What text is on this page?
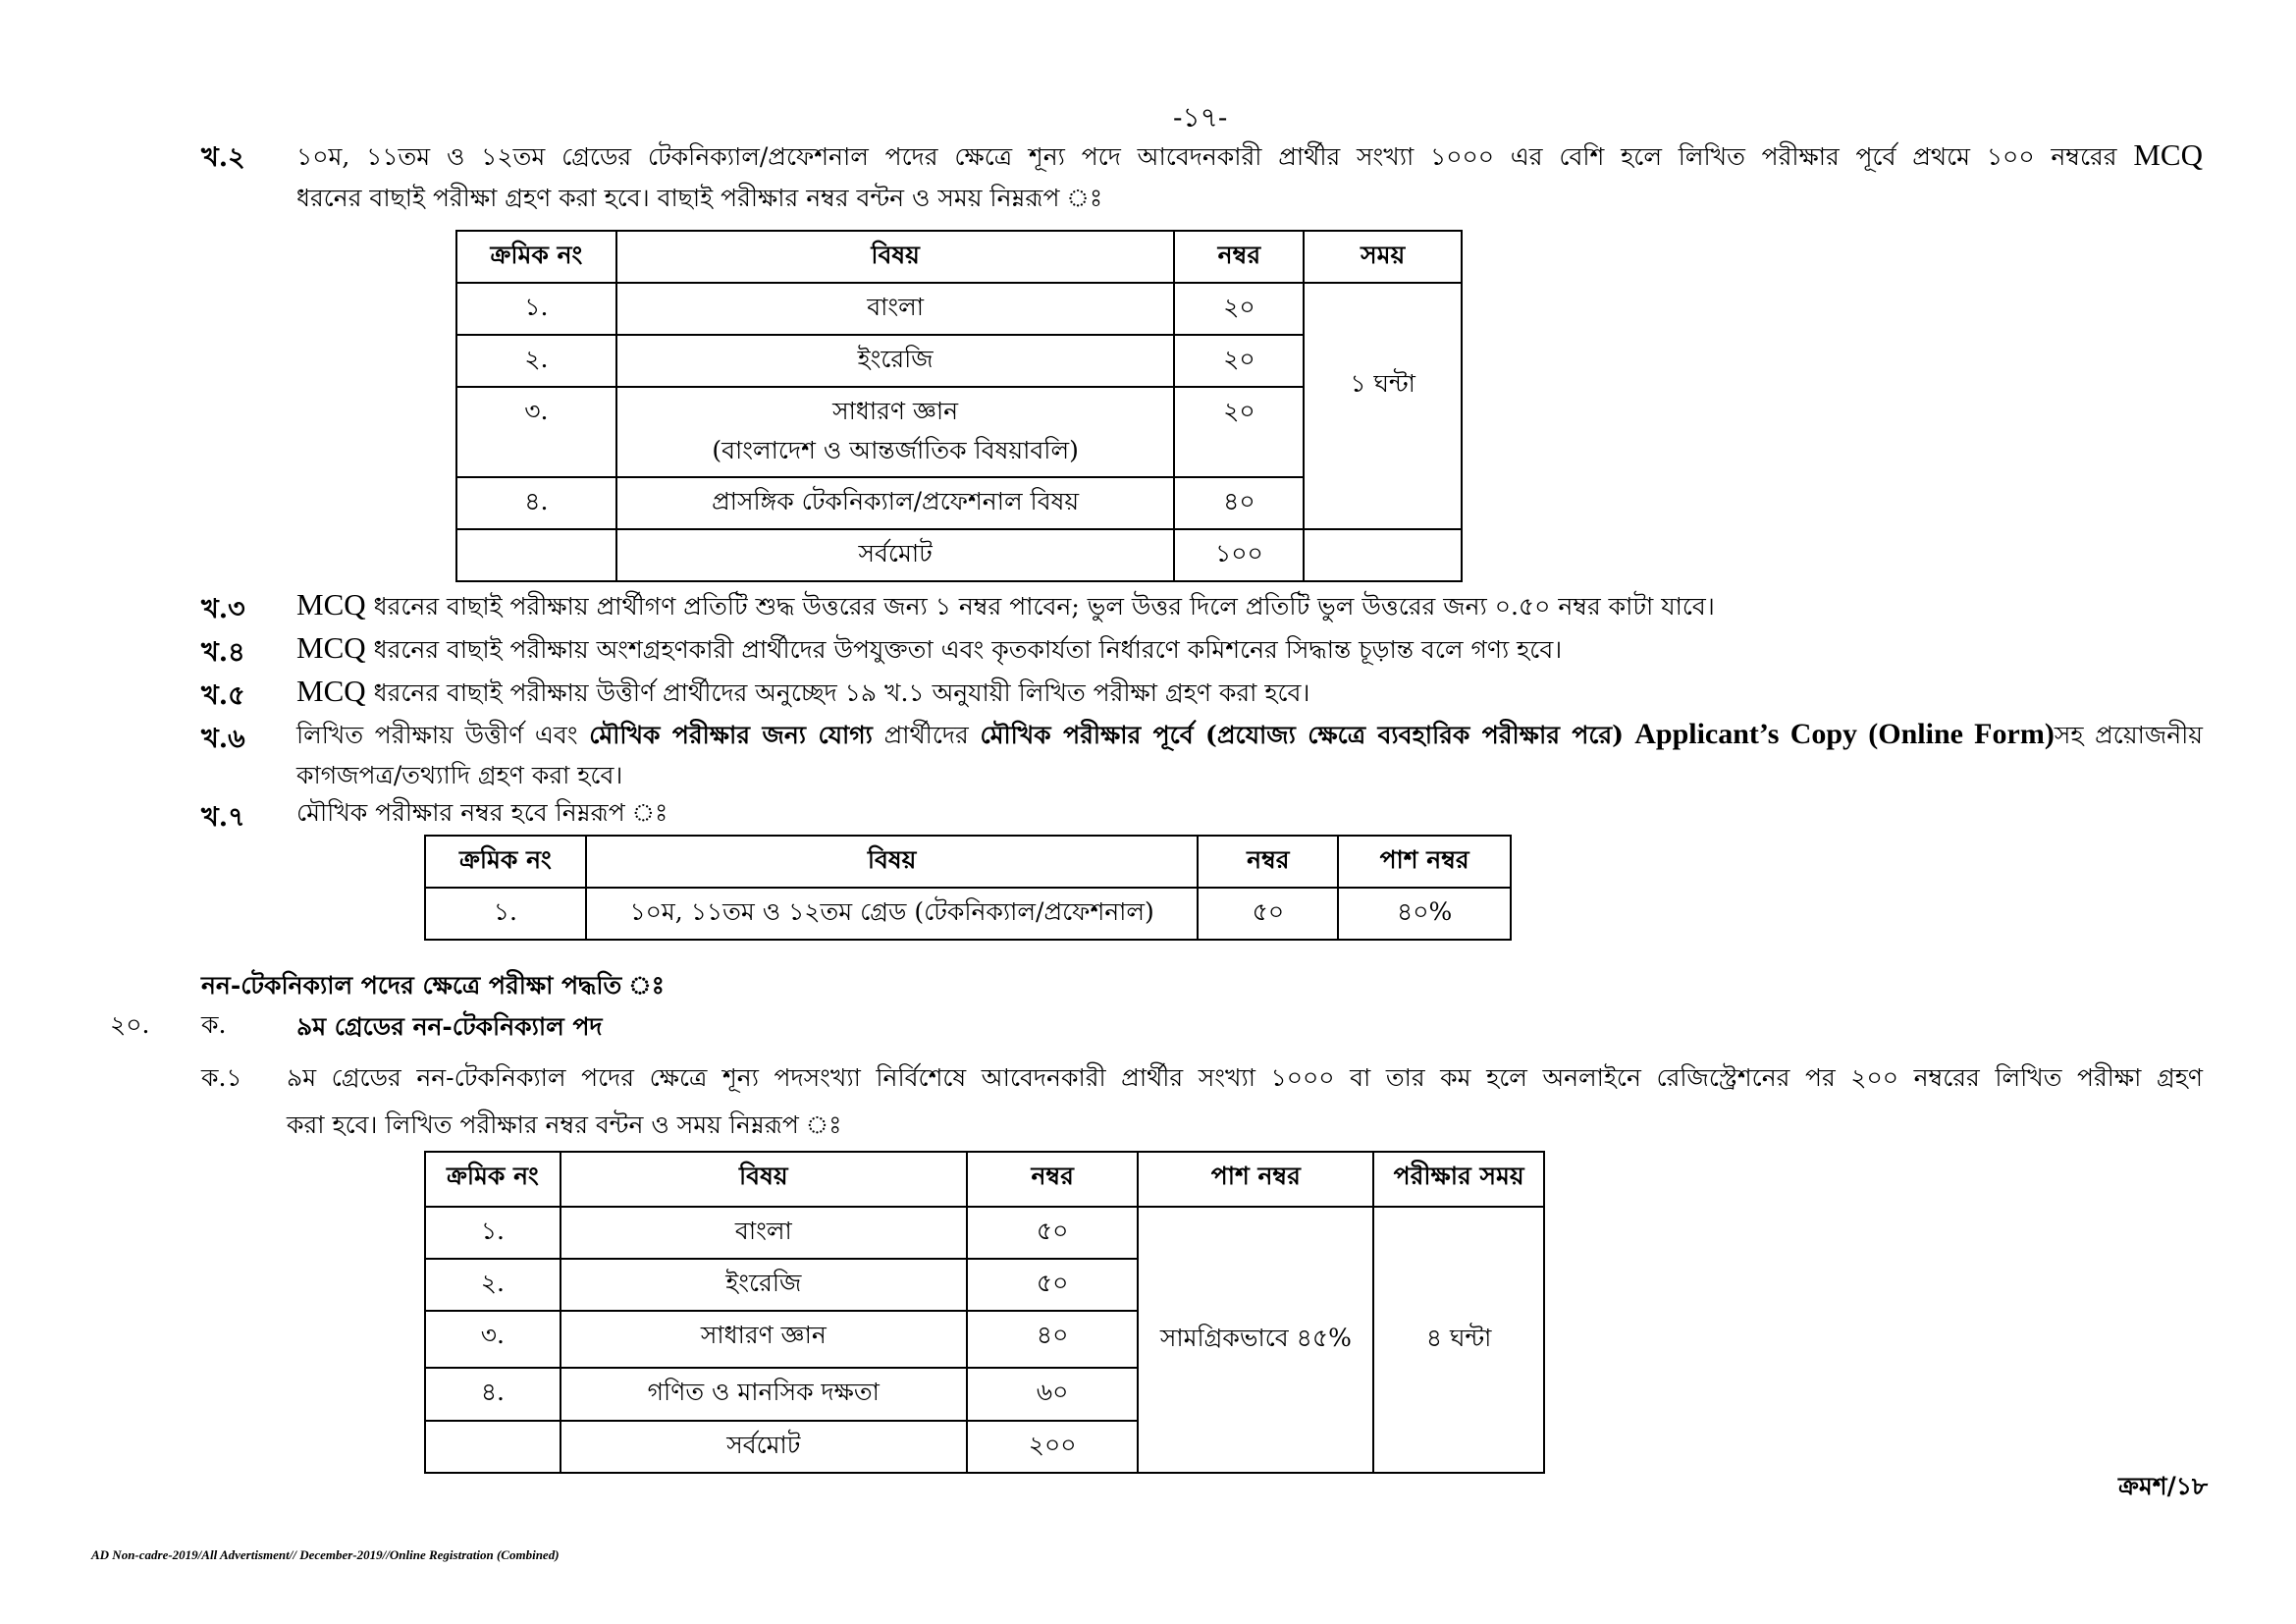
-১৭-
খ.২ ১০ম, ১১তম ও ১২তম গ্রেডের টেকনিক্যাল/প্রফেশনাল পদের ক্ষেত্রে শূন্য পদে আবেদনকারী প্রার্থীর সংখ্যা ১০০০ এর বেশি হলে লিখিত পরীক্ষার পূর্বে প্রথমে ১০০ নম্বরের MCQ
ধরনের বাছাই পরীক্ষা গ্রহণ করা হবে। বাছাই পরীক্ষার নম্বর বন্টন ও সময় নিম্নরূপ ঃ
ক্রমিক নং	বিষয়	নম্বর	সময়
১.	বাংলা	২০	১ ঘন্টা
২.	ইংরেজি	২০	
৩.	সাধারণ জ্ঞান
(বাংলাদেশ ও আন্তর্জাতিক বিষয়াবলি)	২০	
৪.	প্রাসঙ্গিক টেকনিক্যাল/প্রফেশনাল বিষয়	৪০	
	সর্বমোট	১০০	
খ.৩ MCQ ধরনের বাছাই পরীক্ষায় প্রার্থীগণ প্রতিটি শুদ্ধ উত্তরের জন্য ১ নম্বর পাবেন; ভুল উত্তর দিলে প্রতিটি ভুল উত্তরের জন্য ০.৫০ নম্বর কাটা যাবে।
খ.৪ MCQ ধরনের বাছাই পরীক্ষায় অংশগ্রহণকারী প্রার্থীদের উপযুক্ততা এবং কৃতকার্যতা নির্ধারণে কমিশনের সিদ্ধান্ত চূড়ান্ত বলে গণ্য হবে।
খ.৫ MCQ ধরনের বাছাই পরীক্ষায় উত্তীর্ণ প্রার্থীদের অনুচ্ছেদ ১৯ খ.১ অনুযায়ী লিখিত পরীক্ষা গ্রহণ করা হবে।
খ.৬ লিখিত পরীক্ষায় উত্তীর্ণ এবং মৌখিক পরীক্ষার জন্য যোগ্য প্রার্থীদের মৌখিক পরীক্ষার পূর্বে (প্রযোজ্য ক্ষেত্রে ব্যবহারিক পরীক্ষার পরে) Applicant’s Copy (Online Form)সহ প্রয়োজনীয়
কাগজপত্র/তথ্যাদি গ্রহণ করা হবে।
খ.৭ মৌখিক পরীক্ষার নম্বর হবে নিম্নরূপ ঃ
ক্রমিক নং	বিষয়	নম্বর	পাশ নম্বর
১.	১০ম, ১১তম ও ১২তম গ্রেড (টেকনিক্যাল/প্রফেশনাল)	৫০	৪০%
নন-টেকনিক্যাল পদের ক্ষেত্রে পরীক্ষা পদ্ধতি ঃ
২০. ক.	৯ম গ্রেডের নন-টেকনিক্যাল পদ
ক.১ ৯ম গ্রেডের নন-টেকনিক্যাল পদের ক্ষেত্রে শূন্য পদসংখ্যা নির্বিশেষে আবেদনকারী প্রার্থীর সংখ্যা ১০০০ বা তার কম হলে অনলাইনে রেজিস্ট্রেশনের পর ২০০ নম্বরের লিখিত পরীক্ষা গ্রহণ
করা হবে। লিখিত পরীক্ষার নম্বর বন্টন ও সময় নিম্নরূপ ঃ
ক্রমিক নং	বিষয়	নম্বর	পাশ নম্বর	পরীক্ষার সময়
১.	বাংলা	৫০	সামগ্রিকভাবে ৪৫%	৪ ঘন্টা
২.	ইংরেজি	৫০		
৩.	সাধারণ জ্ঞান	৪০		
৪.	গণিত ও মানসিক দক্ষতা	৬০		
	সর্বমোট	২০০		
ক্রমশ/১৮
AD Non-cadre-2019/All Advertisment// December-2019//Online Registration (Combined)
